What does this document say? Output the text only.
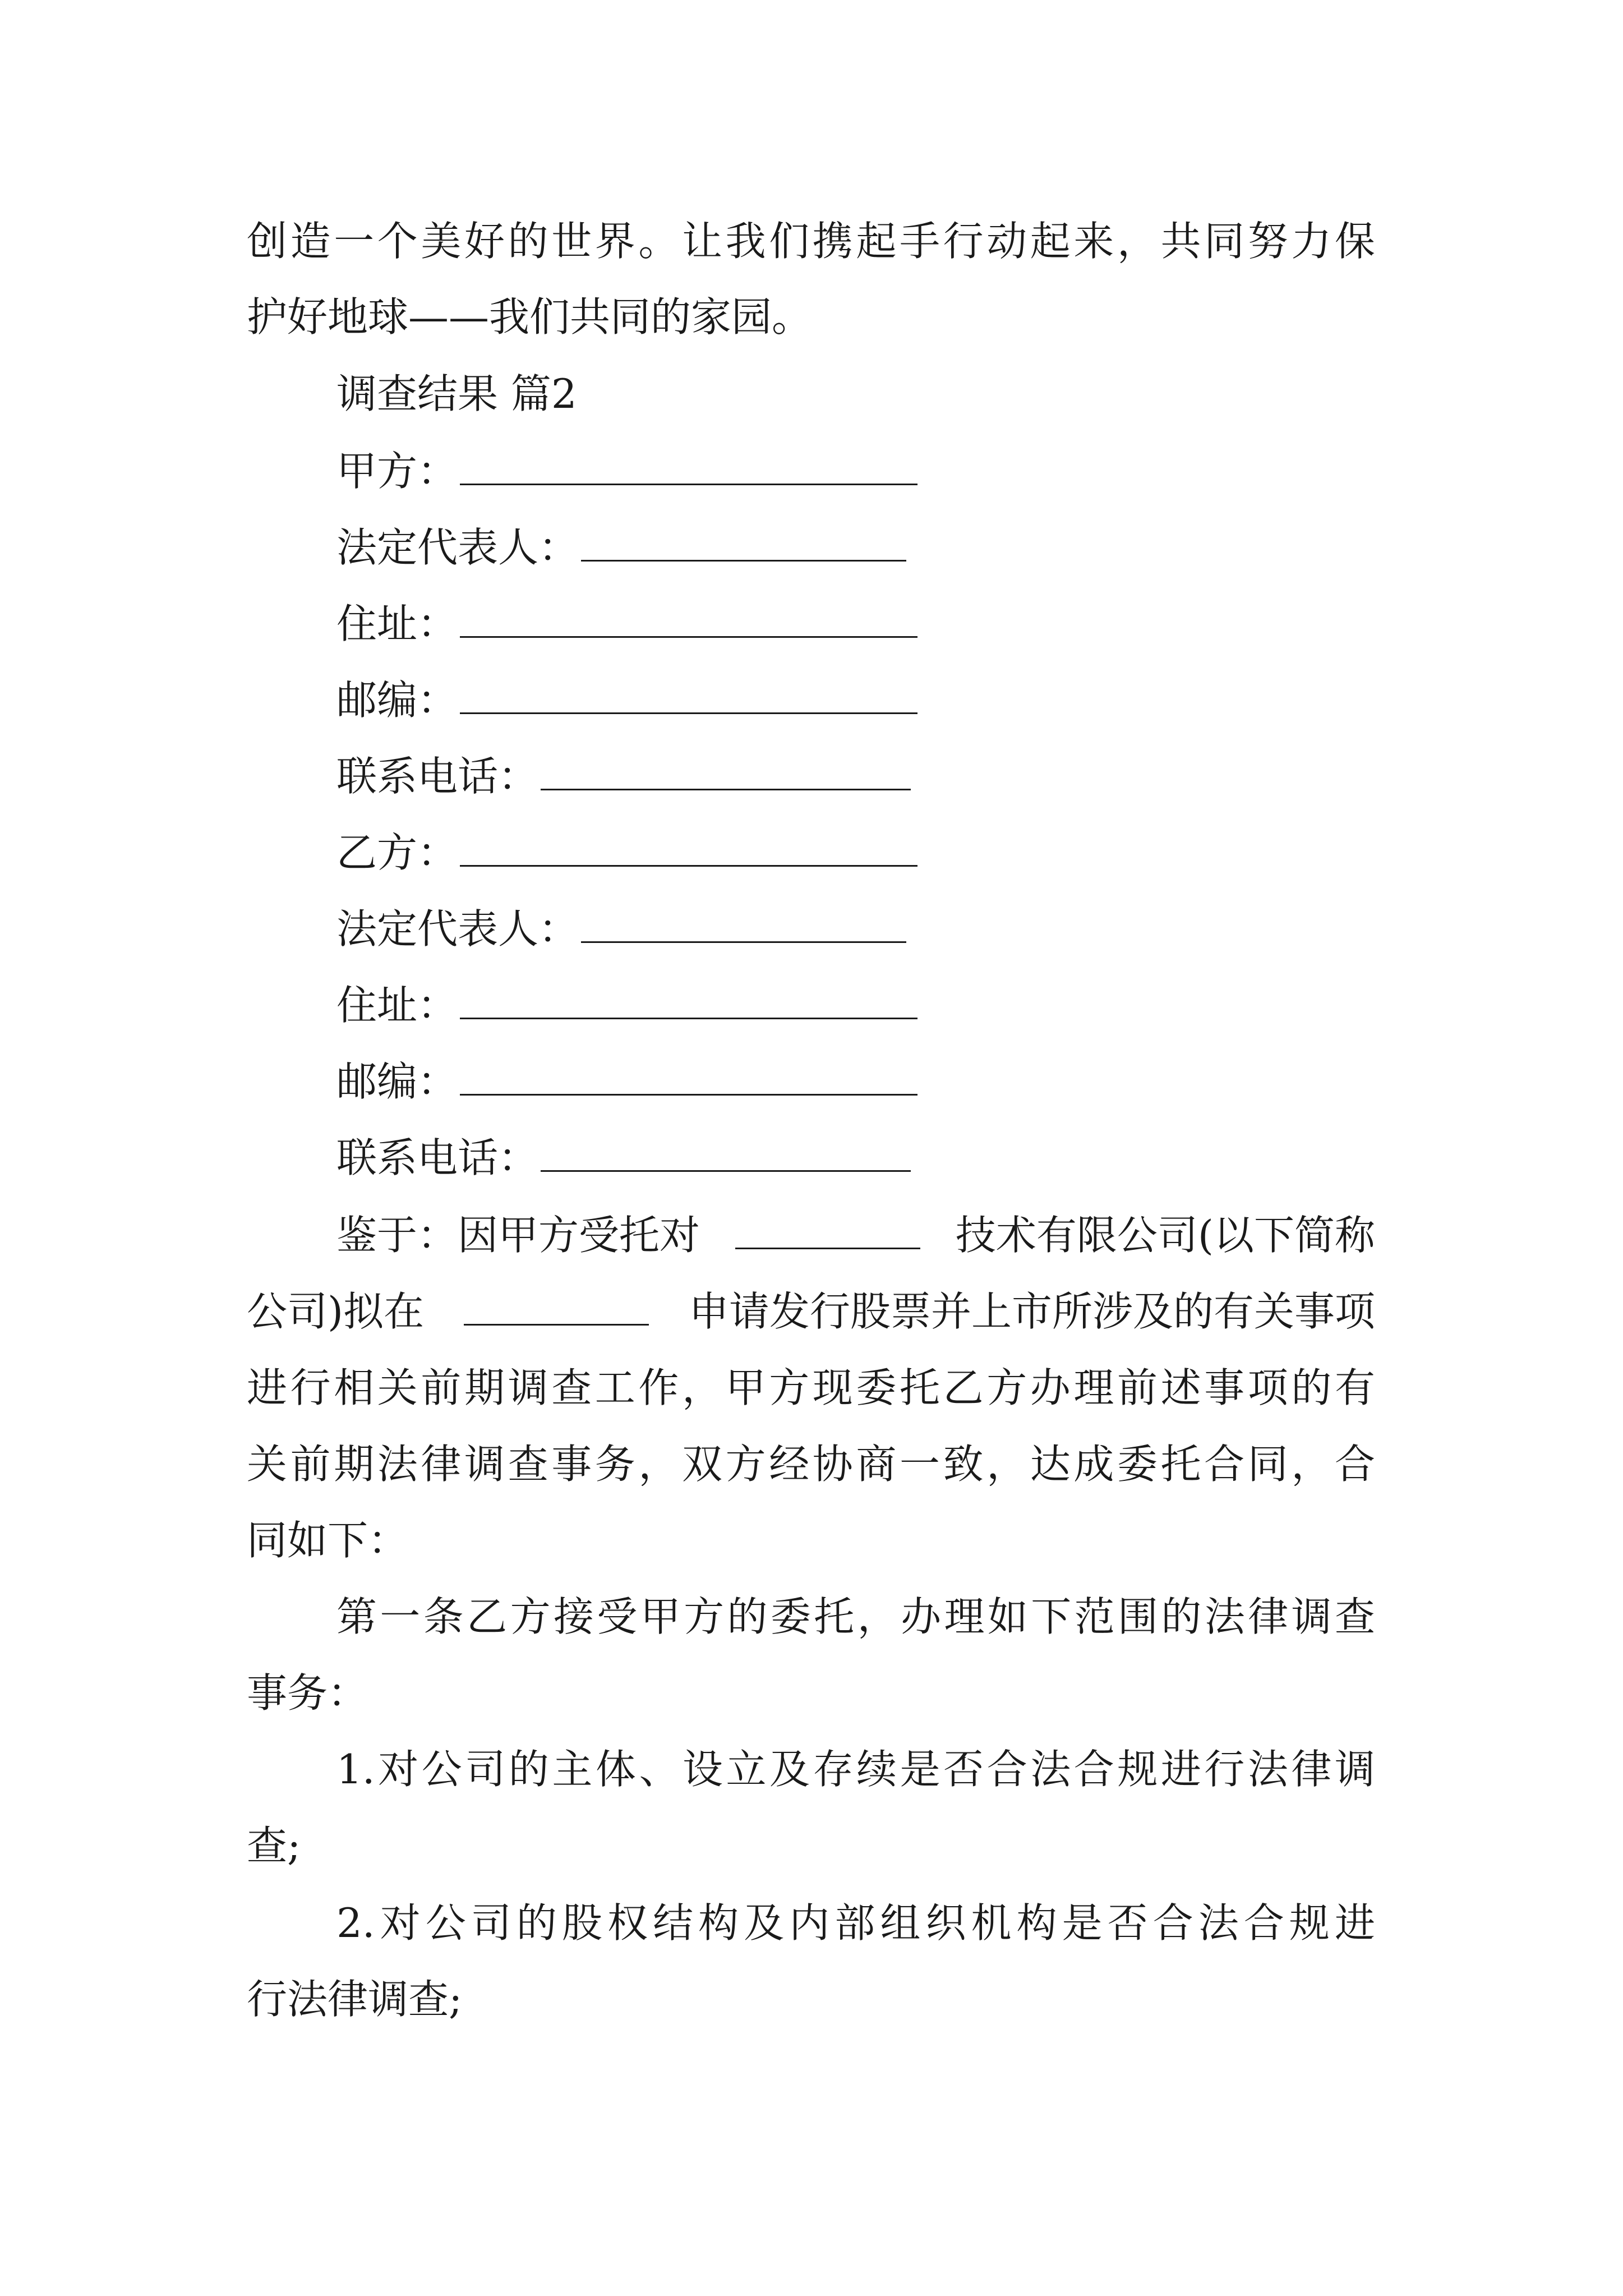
创造一个美好的世界。让我们携起手行动起来，共同努力保
护好地球——我们共同的家园。
调查结果 篇2
甲方：
法定代表人：
住址：
邮编：
联系电话：
乙方：
法定代表人：
住址：
邮编：
联系电话：
鉴于：因甲方受托对	技术有限公司(以下简称
公司)拟在	申请发行股票并上市所涉及的有关事项
进行相关前期调查工作，甲方现委托乙方办理前述事项的有
关前期法律调查事务，双方经协商一致，达成委托合同，合
同如下：
第一条乙方接受甲方的委托，办理如下范围的法律调查
事务：
1.对公司的主体、设立及存续是否合法合规进行法律调
查;
2.对公司的股权结构及内部组织机构是否合法合规进
行法律调查;
